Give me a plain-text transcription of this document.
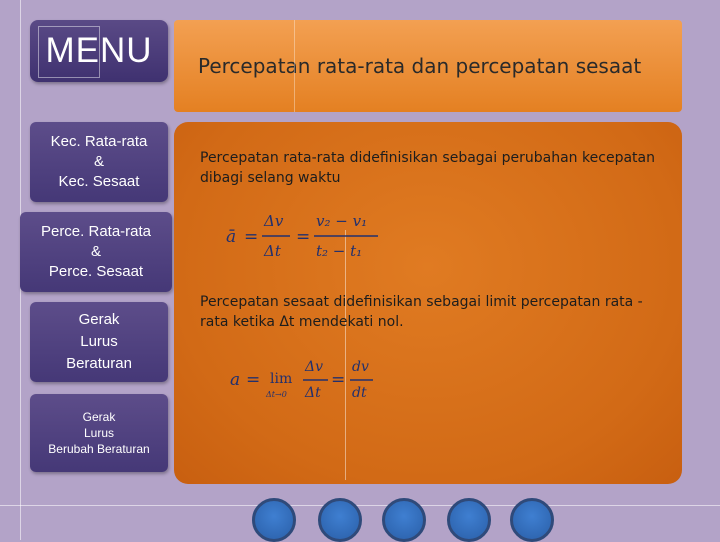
MENU
Kec. Rata-rata
&
Kec. Sesaat
Perce. Rata-rata
&
Perce. Sesaat
Gerak
Lurus
Beraturan
Gerak
Lurus
Berubah Beraturan
Percepatan rata-rata dan percepatan sesaat
Percepatan rata-rata didefinisikan sebagai perubahan kecepatan dibagi selang waktu
ā =
Δv
Δt
=
v₂ − v₁
t₂ − t₁
Percepatan sesaat didefinisikan sebagai limit percepatan rata -rata ketika Δt mendekati nol.
a = lim
Δt→0
Δv
Δt
=
dv
dt
